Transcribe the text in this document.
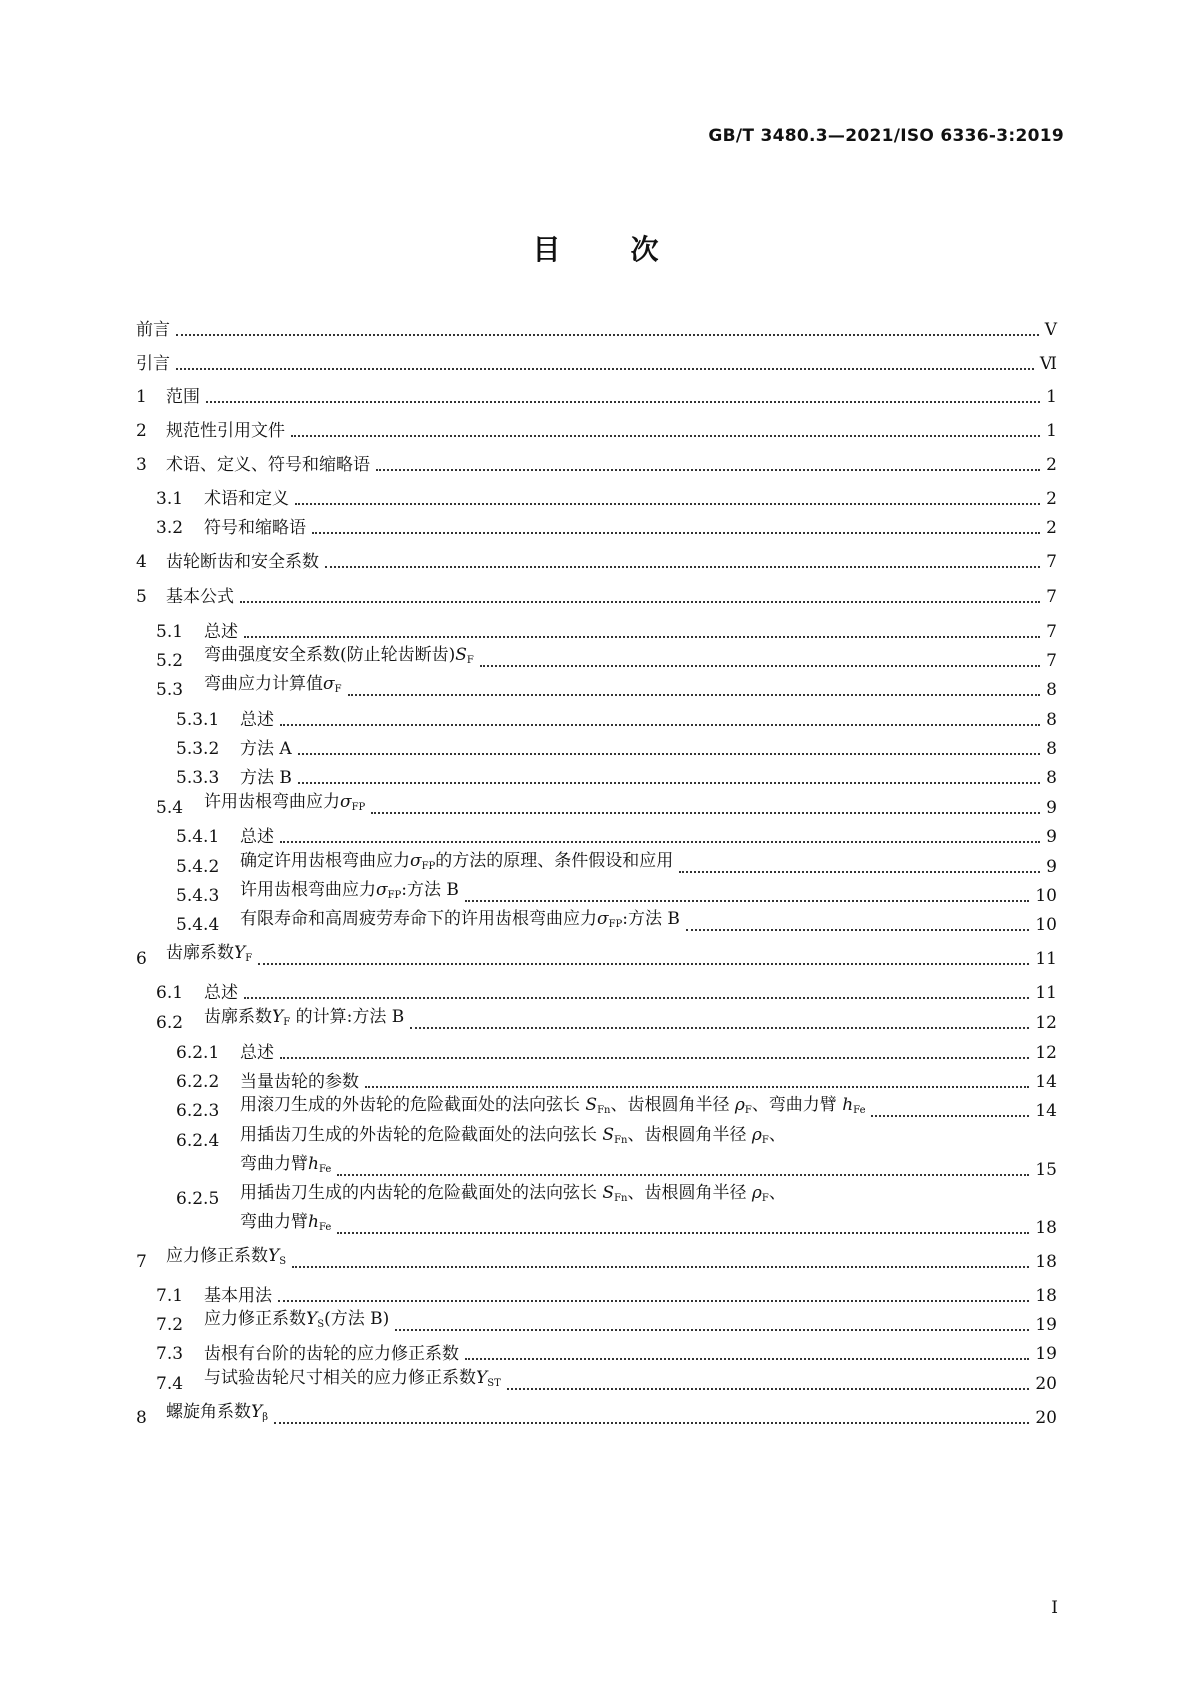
GB/T 3480.3—2021/ISO 6336-3:2019
目次
前言	Ⅴ
引言	Ⅵ
1	范围	1
2	规范性引用文件	1
3	术语、定义、符号和缩略语	2
3.1	术语和定义	2
3.2	符号和缩略语	2
4	齿轮断齿和安全系数	7
5	基本公式	7
5.1	总述	7
5.2	弯曲强度安全系数(防止轮齿断齿)$S_F$	7
5.3	弯曲应力计算值$\sigma_F$	8
5.3.1	总述	8
5.3.2	方法 A	8
5.3.3	方法 B	8
5.4	许用齿根弯曲应力$\sigma_{FP}$	9
5.4.1	总述	9
5.4.2	确定许用齿根弯曲应力$\sigma_{FP}$的方法的原理、条件假设和应用	9
5.4.3	许用齿根弯曲应力$\sigma_{FP}$:方法 B	10
5.4.4	有限寿命和高周疲劳寿命下的许用齿根弯曲应力$\sigma_{FP}$:方法 B	10
6	齿廓系数$Y_F$	11
6.1	总述	11
6.2	齿廓系数$Y_F$ 的计算:方法 B	12
6.2.1	总述	12
6.2.2	当量齿轮的参数	14
6.2.3	用滚刀生成的外齿轮的危险截面处的法向弦长 $S_{Fn}$、齿根圆角半径 $\rho_F$、弯曲力臂 $h_{Fe}$	14
6.2.4	用插齿刀生成的外齿轮的危险截面处的法向弦长 $S_{Fn}$、齿根圆角半径 $\rho_F$、
弯曲力臂$h_{Fe}$	15
6.2.5	用插齿刀生成的内齿轮的危险截面处的法向弦长 $S_{Fn}$、齿根圆角半径 $\rho_F$、
弯曲力臂$h_{Fe}$	18
7	应力修正系数$Y_S$	18
7.1	基本用法	18
7.2	应力修正系数$Y_S$(方法 B)	19
7.3	齿根有台阶的齿轮的应力修正系数	19
7.4	与试验齿轮尺寸相关的应力修正系数$Y_{ST}$	20
8	螺旋角系数$Y_\beta$	20
I
